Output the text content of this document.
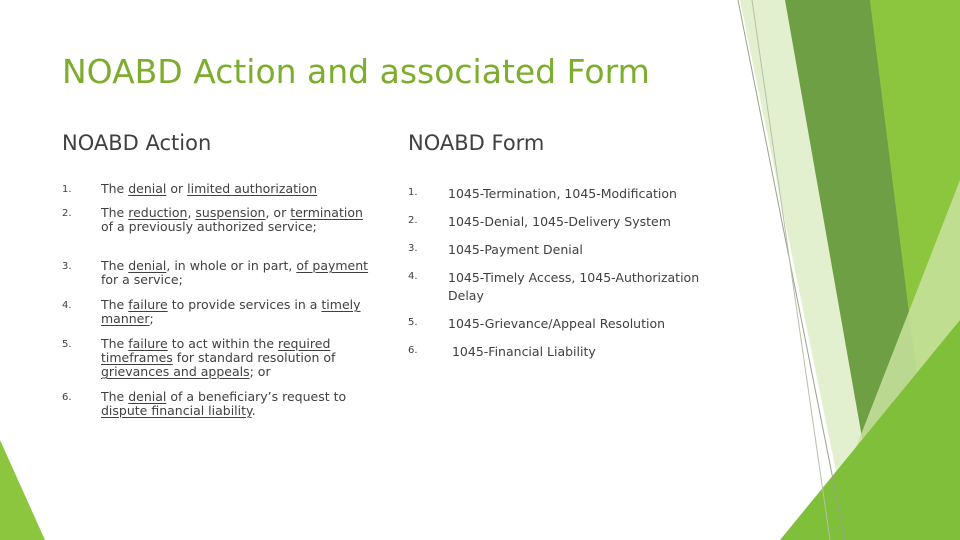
NOABD Action and associated Form
NOABD Action	NOABD Form
1. The denial or limited authorization
2. The reduction, suspension, or termination of a previously authorized service;
3. The denial, in whole or in part, of payment for a service;
4. The failure to provide services in a timely manner;
5. The failure to act within the required timeframes for standard resolution of grievances and appeals; or
6. The denial of a beneficiary’s request to dispute financial liability.
1. 1045-Termination, 1045-Modification
2. 1045-Denial, 1045-Delivery System
3. 1045-Payment Denial
4. 1045-Timely Access, 1045-Authorization Delay
5. 1045-Grievance/Appeal Resolution
6. 1045-Financial Liability
